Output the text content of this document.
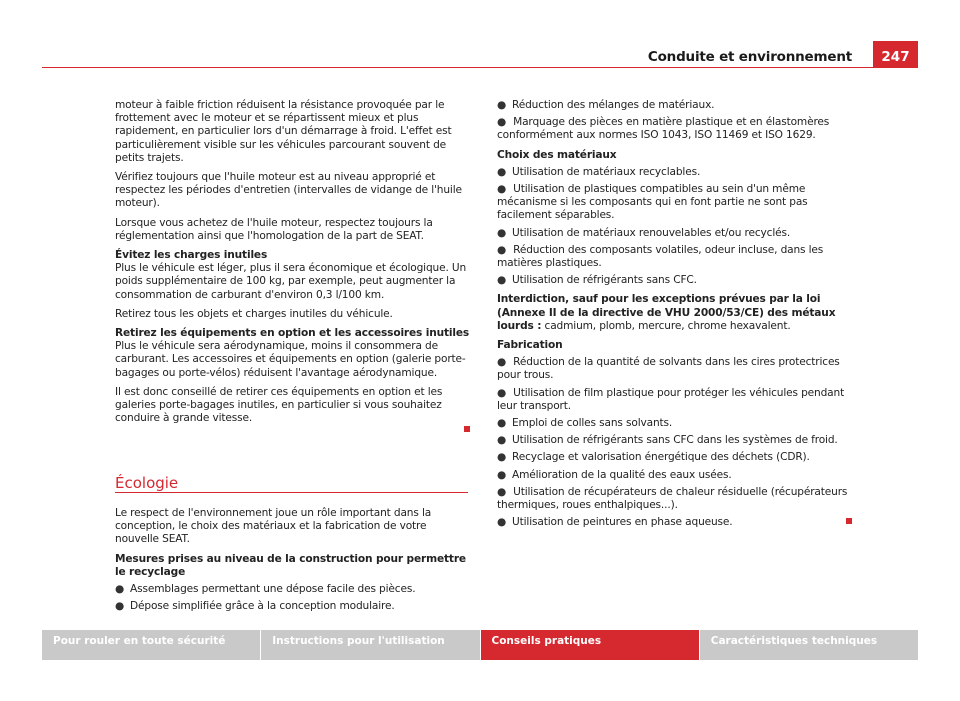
Conduite et environnement	247

moteur à faible friction réduisent la résistance provoquée par le frottement avec le moteur et se répartissent mieux et plus rapidement, en particulier lors d'un démarrage à froid. L'effet est particulièrement visible sur les véhicules parcourant souvent de petits trajets.

Vérifiez toujours que l'huile moteur est au niveau approprié et respectez les périodes d'entretien (intervalles de vidange de l'huile moteur).

Lorsque vous achetez de l'huile moteur, respectez toujours la réglementation ainsi que l'homologation de la part de SEAT.

Évitez les charges inutiles

Plus le véhicule est léger, plus il sera économique et écologique. Un poids supplémentaire de 100 kg, par exemple, peut augmenter la consommation de carburant d'environ 0,3 l/100 km.

Retirez tous les objets et charges inutiles du véhicule.

Retirez les équipements en option et les accessoires inutiles

Plus le véhicule sera aérodynamique, moins il consommera de carburant. Les accessoires et équipements en option (galerie porte-bagages ou porte-vélos) réduisent l'avantage aérodynamique.

Il est donc conseillé de retirer ces équipements en option et les galeries porte-bagages inutiles, en particulier si vous souhaitez conduire à grande vitesse.

Écologie

Le respect de l'environnement joue un rôle important dans la conception, le choix des matériaux et la fabrication de votre nouvelle SEAT.

Mesures prises au niveau de la construction pour permettre le recyclage

● Assemblages permettant une dépose facile des pièces.
● Dépose simplifiée grâce à la conception modulaire.
● Réduction des mélanges de matériaux.
● Marquage des pièces en matière plastique et en élastomères conformément aux normes ISO 1043, ISO 11469 et ISO 1629.

Choix des matériaux

● Utilisation de matériaux recyclables.
● Utilisation de plastiques compatibles au sein d'un même mécanisme si les composants qui en font partie ne sont pas facilement séparables.
● Utilisation de matériaux renouvelables et/ou recyclés.
● Réduction des composants volatiles, odeur incluse, dans les matières plastiques.
● Utilisation de réfrigérants sans CFC.

Interdiction, sauf pour les exceptions prévues par la loi (Annexe II de la directive de VHU 2000/53/CE) des métaux lourds : cadmium, plomb, mercure, chrome hexavalent.

Fabrication

● Réduction de la quantité de solvants dans les cires protectrices pour trous.
● Utilisation de film plastique pour protéger les véhicules pendant leur transport.
● Emploi de colles sans solvants.
● Utilisation de réfrigérants sans CFC dans les systèmes de froid.
● Recyclage et valorisation énergétique des déchets (CDR).
● Amélioration de la qualité des eaux usées.
● Utilisation de récupérateurs de chaleur résiduelle (récupérateurs thermiques, roues enthalpiques...).
● Utilisation de peintures en phase aqueuse.
Pour rouler en toute sécurité	Instructions pour l'utilisation	Conseils pratiques	Caractéristiques techniques
